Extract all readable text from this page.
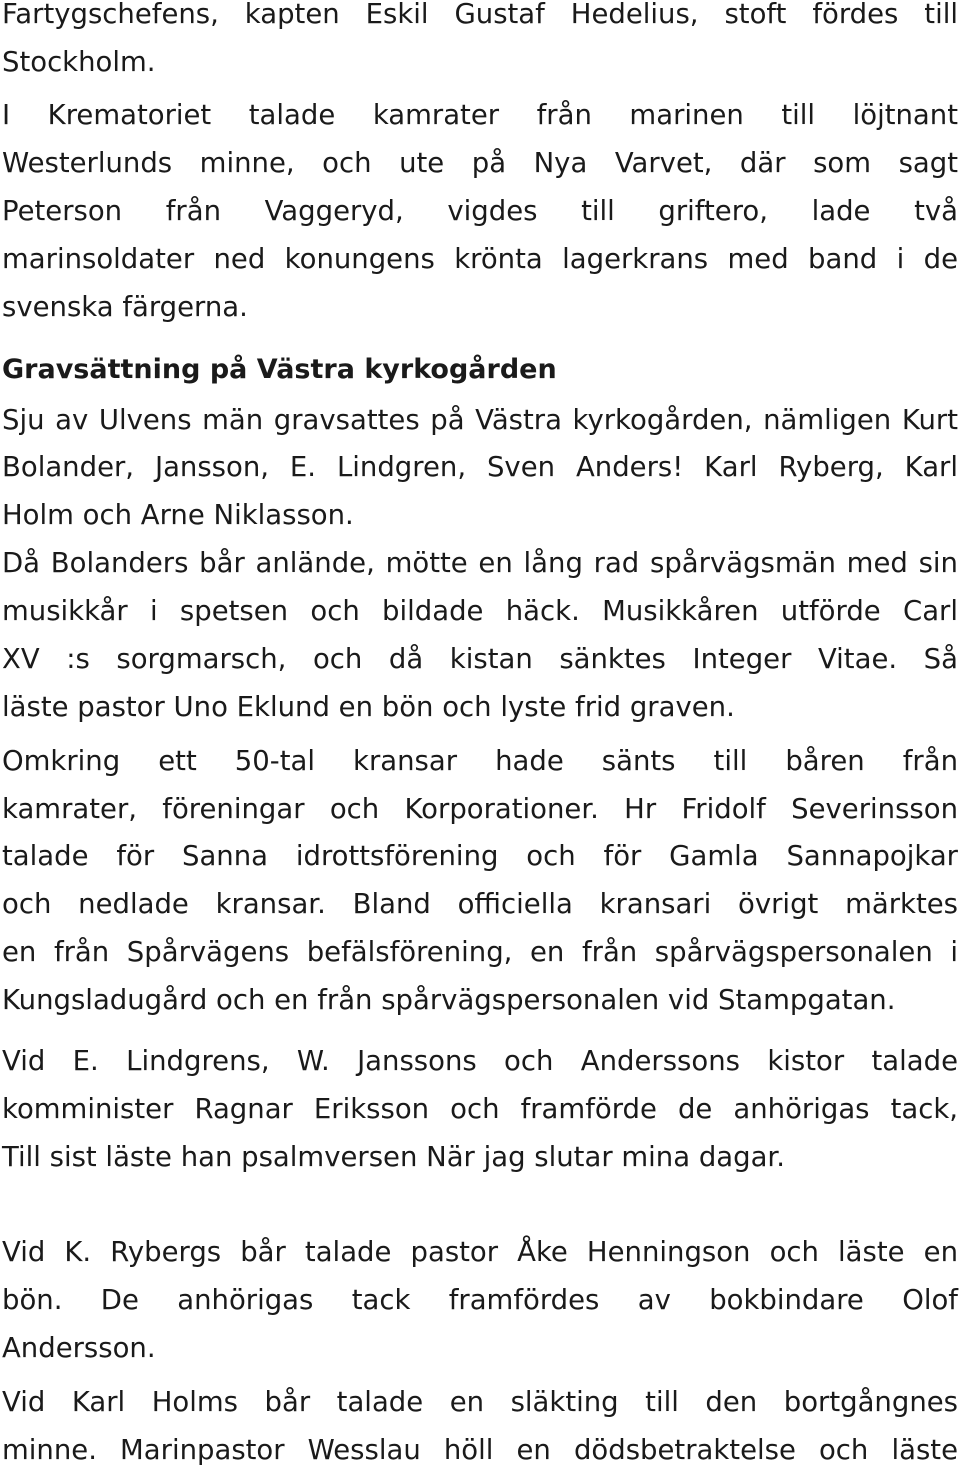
Fartygschefens, kapten Eskil Gustaf Hedelius, stoft fördes till
Stockholm.
I Krematoriet talade kamrater från marinen till löjtnant
Westerlunds minne, och ute på Nya Varvet, där som sagt
Peterson från Vaggeryd, vigdes till griftero, lade två
marinsoldater ned konungens krönta lagerkrans med band i de
svenska färgerna.
Gravsättning på Västra kyrkogården
Sju av Ulvens män gravsattes på Västra kyrkogården, nämligen Kurt
Bolander, Jansson, E. Lindgren, Sven Anders! Karl Ryberg, Karl
Holm och Arne Niklasson.
Då Bolanders bår anlände, mötte en lång rad spårvägsmän med sin
musikkår i spetsen och bildade häck. Musikkåren utförde Carl
XV :s sorgmarsch, och då kistan sänktes Integer Vitae. Så
läste pastor Uno Eklund en bön och lyste frid graven.
Omkring ett 50-tal kransar hade sänts till båren från
kamrater, föreningar och Korporationer. Hr Fridolf Severinsson
talade för Sanna idrottsförening och för Gamla Sannapojkar
och nedlade kransar. Bland officiella kransari övrigt märktes
en från Spårvägens befälsförening, en från spårvägspersonalen i
Kungsladugård och en från spårvägspersonalen vid Stampgatan.
Vid E. Lindgrens, W. Janssons och Anderssons kistor talade
komminister Ragnar Eriksson och framförde de anhörigas tack,
Till sist läste han psalmversen När jag slutar mina dagar.
Vid K. Rybergs bår talade pastor Åke Henningson och läste en
bön. De anhörigas tack framfördes av bokbindare Olof
Andersson.
Vid Karl Holms bår talade en släkting till den bortgångnes
minne. Marinpastor Wesslau höll en dödsbetraktelse och läste
